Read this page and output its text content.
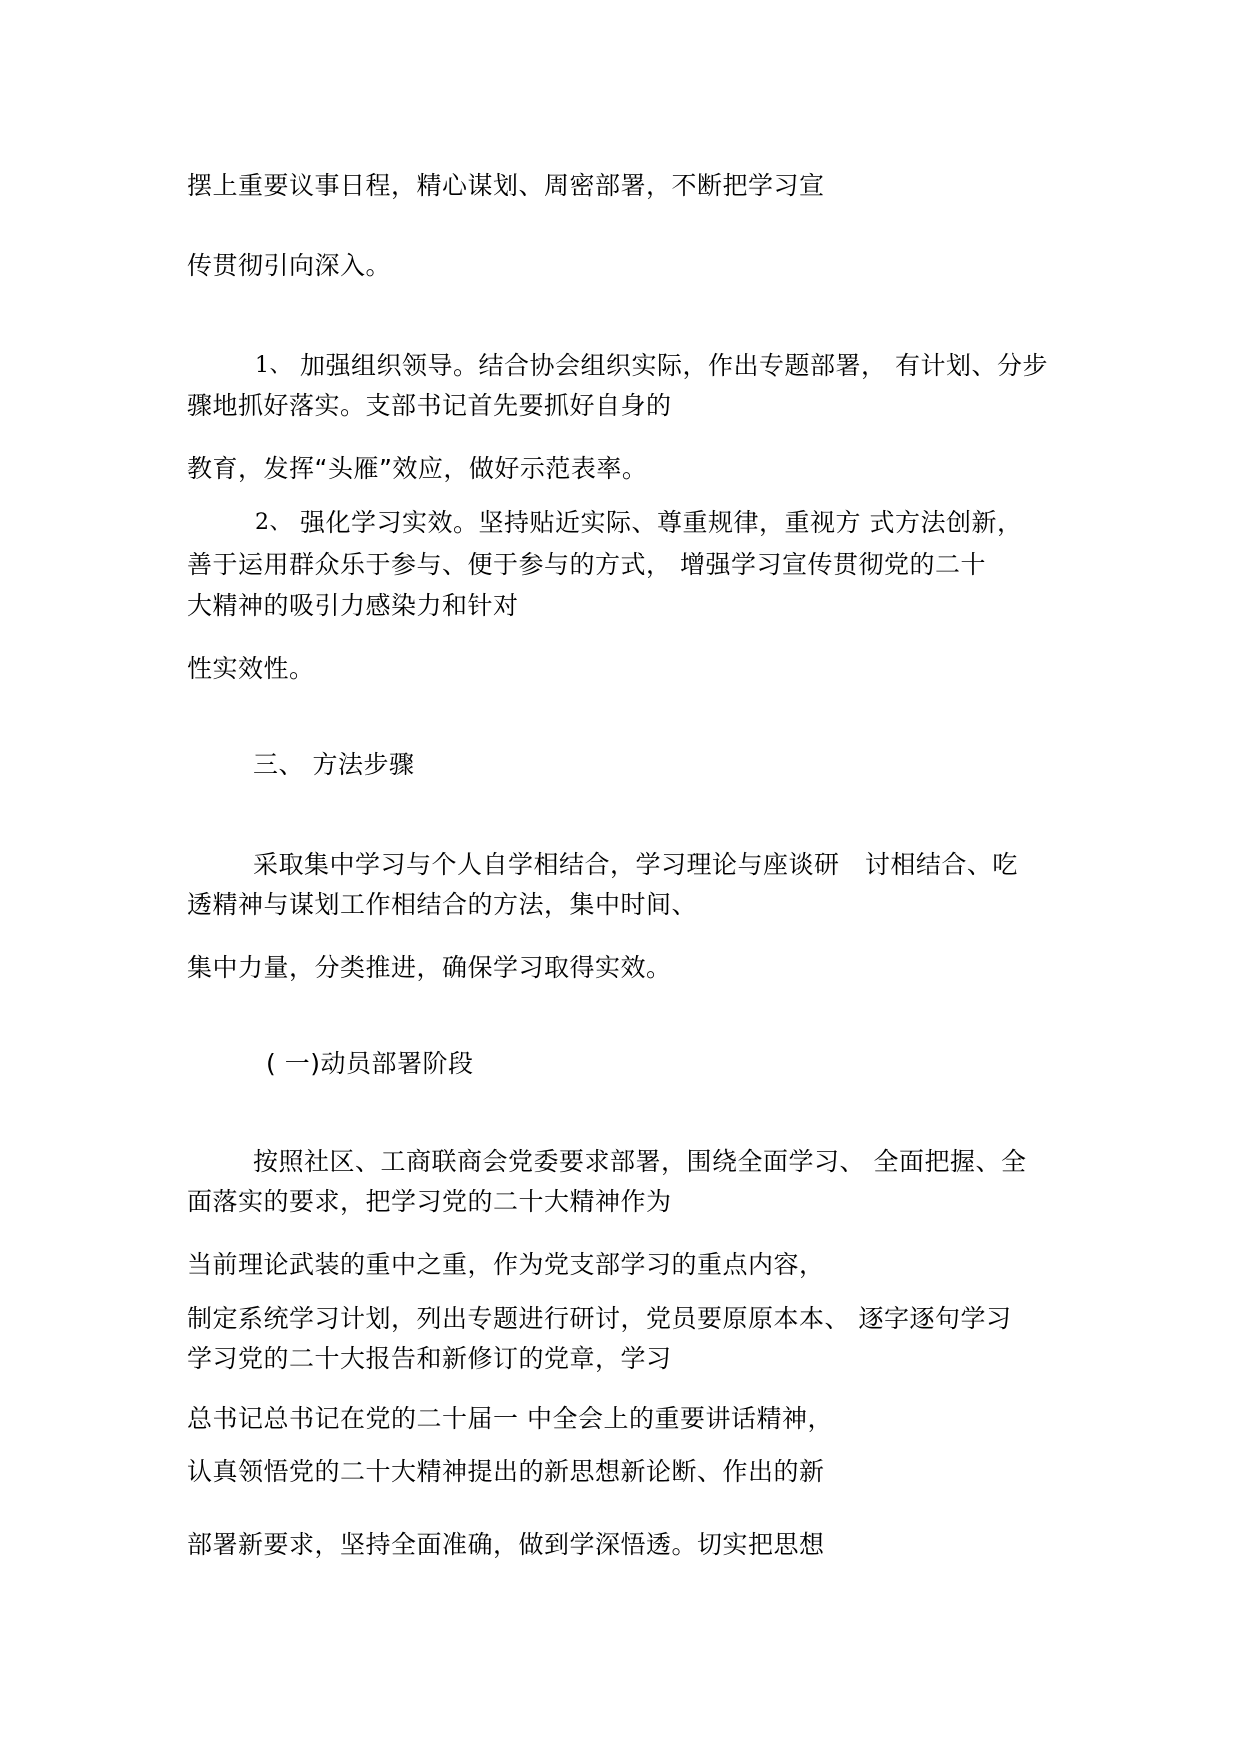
摆上重要议事日程，精心谋划、周密部署，不断把学习宣
传贯彻引向深入。
1、 加强组织领导。结合协会组织实际，作出专题部署， 有计划、分步
骤地抓好落实。支部书记首先要抓好自身的
教育，发挥“头雁”效应，做好示范表率。
2、 强化学习实效。坚持贴近实际、尊重规律，重视方 式方法创新，
善于运用群众乐于参与、便于参与的方式， 增强学习宣传贯彻党的二十
大精神的吸引力感染力和针对
性实效性。
三、 方法步骤
采取集中学习与个人自学相结合，学习理论与座谈研   讨相结合、吃
透精神与谋划工作相结合的方法，集中时间、
集中力量，分类推进，确保学习取得实效。
( 一)动员部署阶段
按照社区、工商联商会党委要求部署，围绕全面学习、 全面把握、全
面落实的要求，把学习党的二十大精神作为
当前理论武装的重中之重，作为党支部学习的重点内容，
制定系统学习计划，列出专题进行研讨，党员要原原本本、 逐字逐句学习
学习党的二十大报告和新修订的党章，学习
总书记总书记在党的二十届一 中全会上的重要讲话精神，
认真领悟党的二十大精神提出的新思想新论断、作出的新
部署新要求，坚持全面准确，做到学深悟透。切实把思想
